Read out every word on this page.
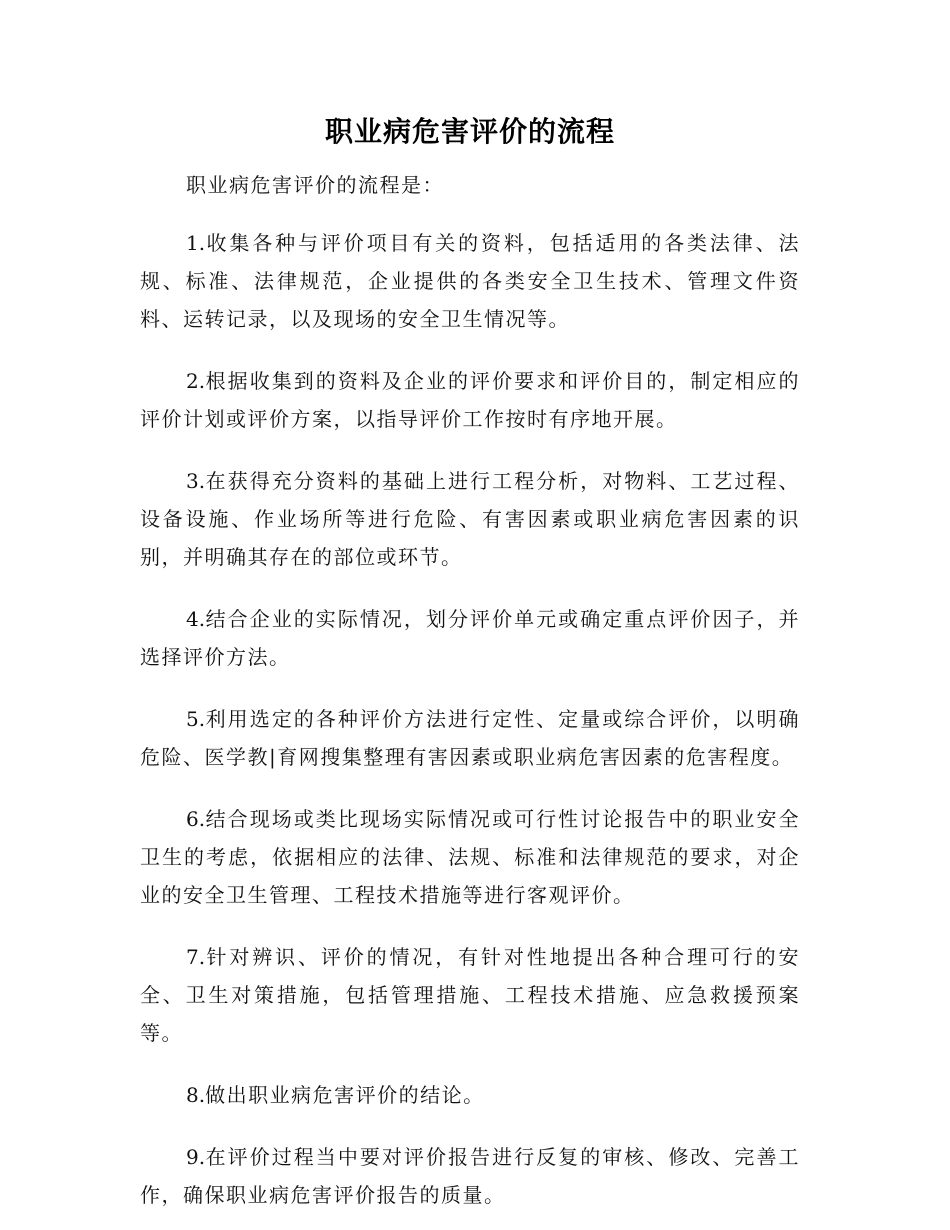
职业病危害评价的流程

职业病危害评价的流程是：

1.收集各种与评价项目有关的资料，包括适用的各类法律、法规、标准、法律规范，企业提供的各类安全卫生技术、管理文件资料、运转记录，以及现场的安全卫生情况等。
2.根据收集到的资料及企业的评价要求和评价目的，制定相应的评价计划或评价方案，以指导评价工作按时有序地开展。
3.在获得充分资料的基础上进行工程分析，对物料、工艺过程、设备设施、作业场所等进行危险、有害因素或职业病危害因素的识别，并明确其存在的部位或环节。
4.结合企业的实际情况，划分评价单元或确定重点评价因子，并选择评价方法。
5.利用选定的各种评价方法进行定性、定量或综合评价，以明确危险、医学教|育网搜集整理有害因素或职业病危害因素的危害程度。
6.结合现场或类比现场实际情况或可行性讨论报告中的职业安全卫生的考虑，依据相应的法律、法规、标准和法律规范的要求，对企业的安全卫生管理、工程技术措施等进行客观评价。
7.针对辨识、评价的情况，有针对性地提出各种合理可行的安全、卫生对策措施，包括管理措施、工程技术措施、应急救援预案等。
8.做出职业病危害评价的结论。
9.在评价过程当中要对评价报告进行反复的审核、修改、完善工作，确保职业病危害评价报告的质量。
